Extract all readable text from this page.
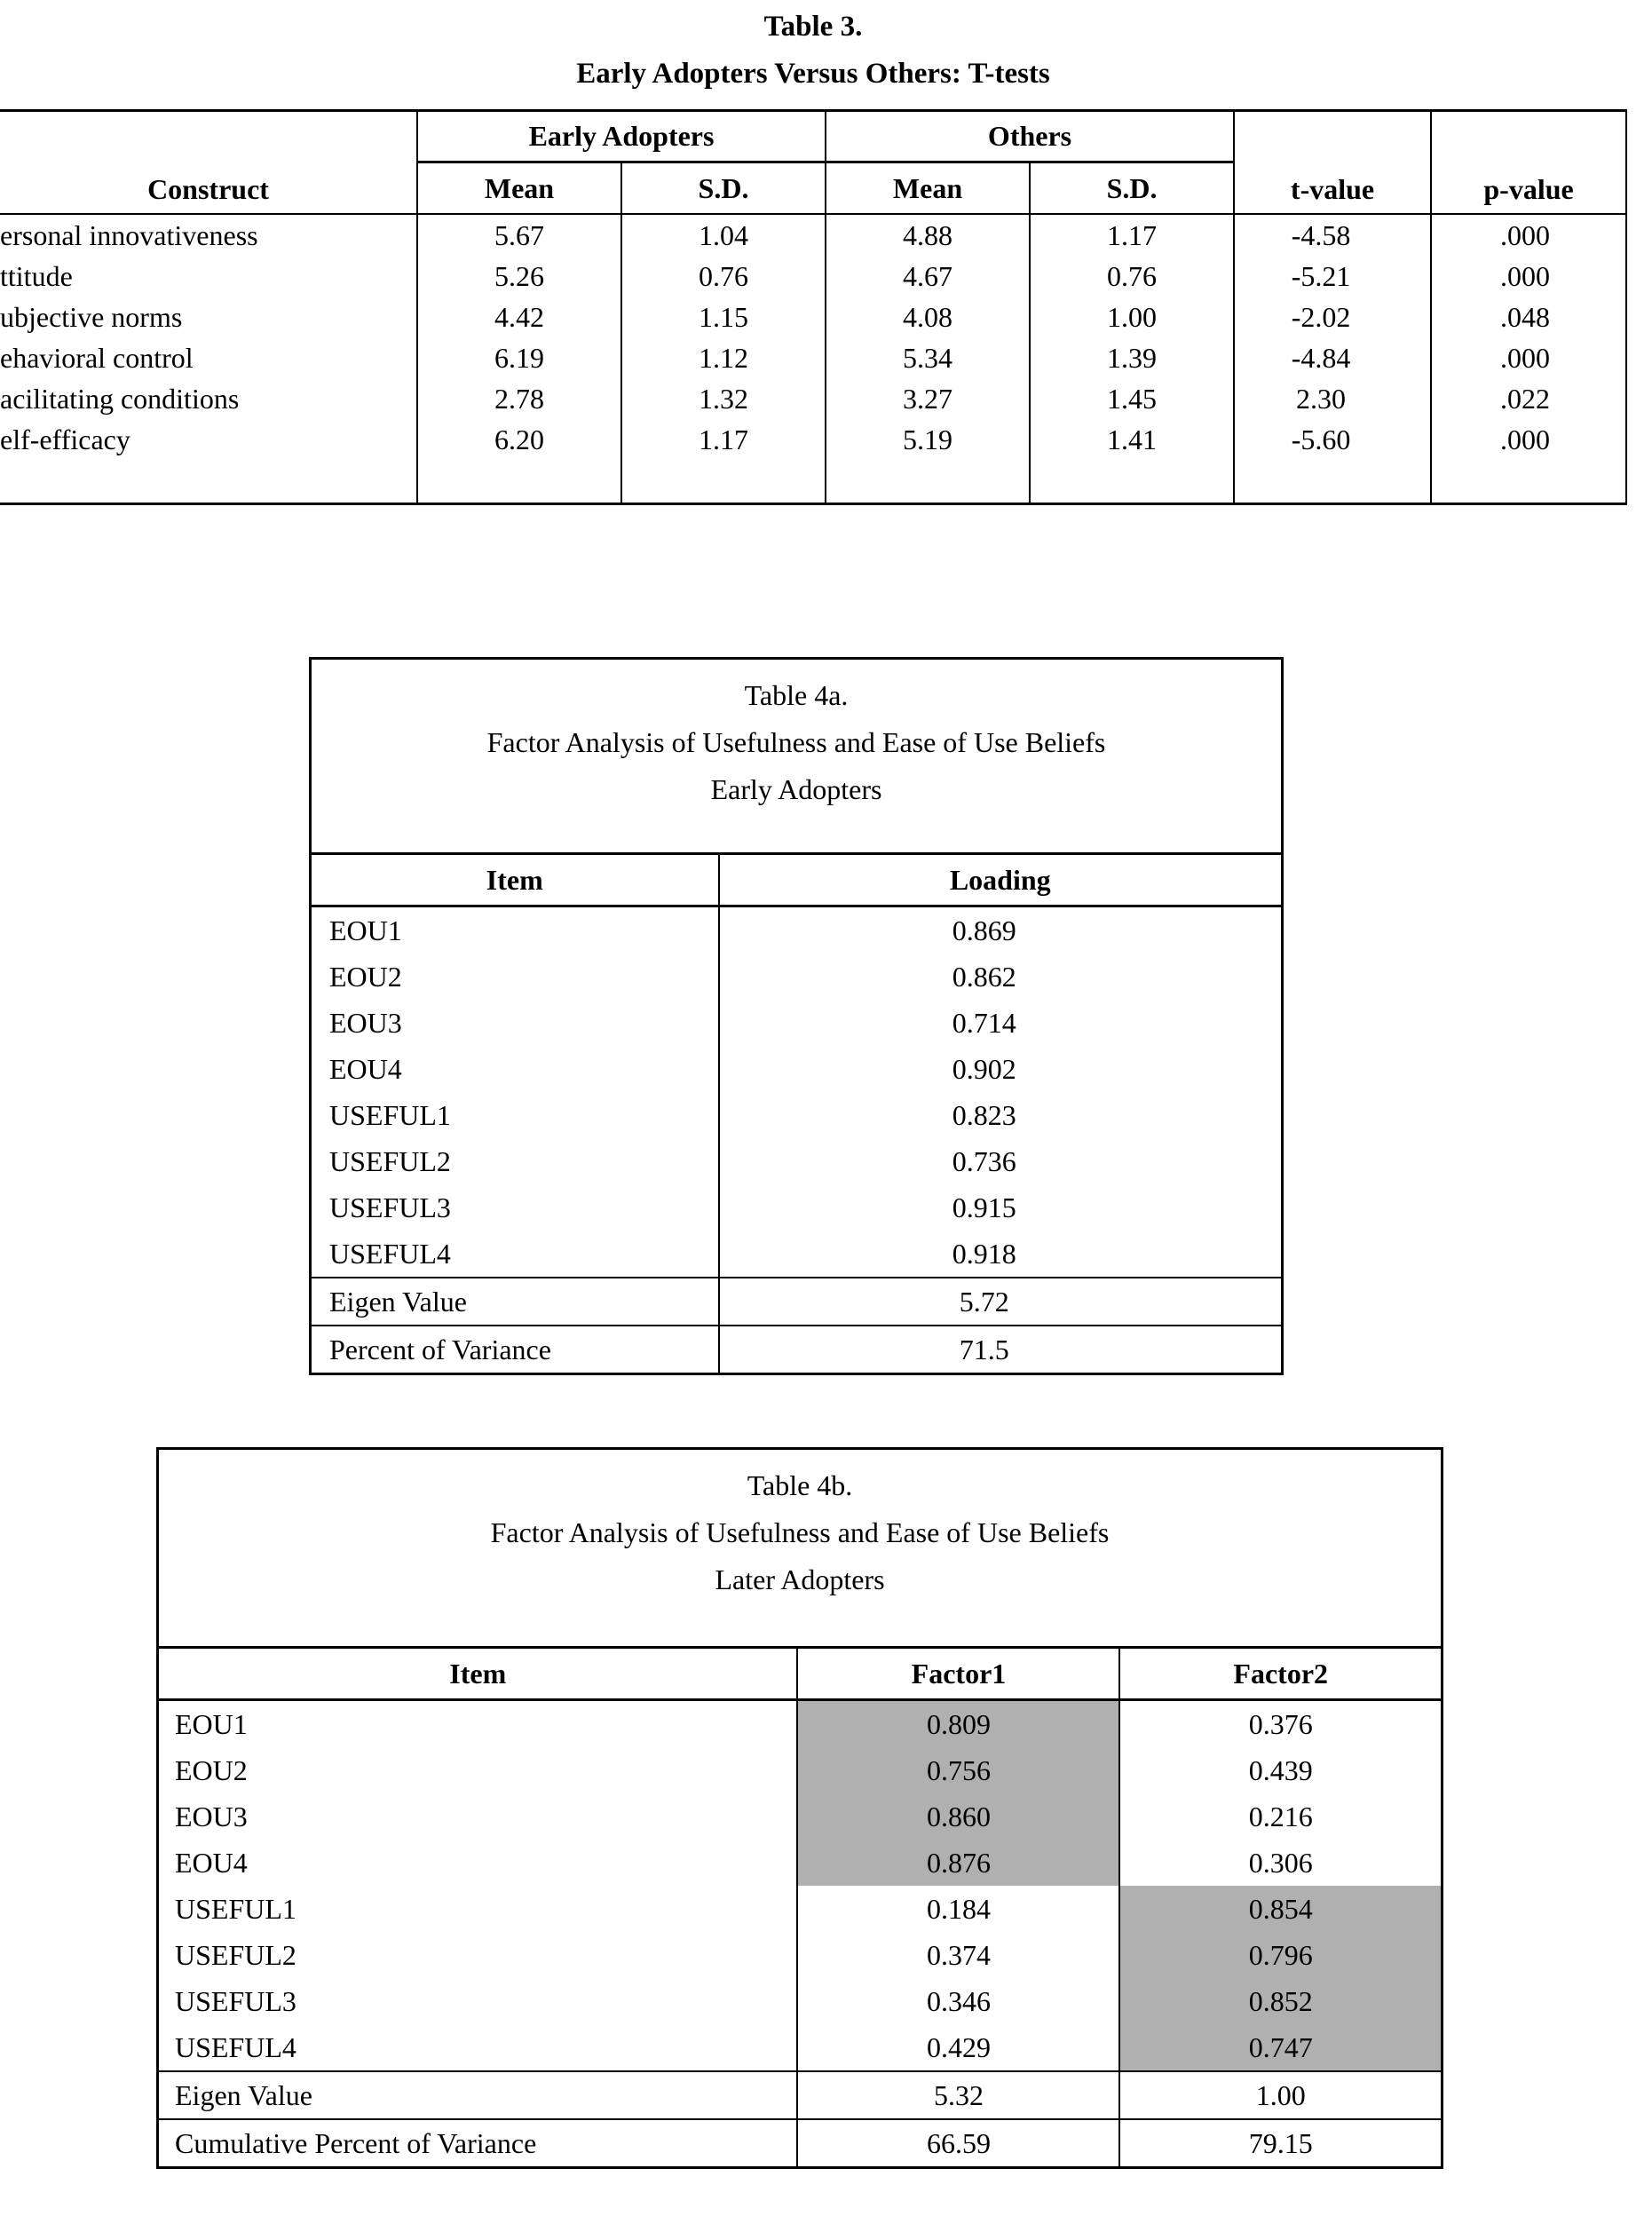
Table 3.
Early Adopters Versus Others: T-tests
Construct	Early Adopters		Others		t-value	p-value
	Mean	S.D.	Mean	S.D.		
ersonal innovativeness	5.67	1.04	4.88	1.17	-4.58	.000
ttitude	5.26	0.76	4.67	0.76	-5.21	.000
ubjective norms	4.42	1.15	4.08	1.00	-2.02	.048
ehavioral control	6.19	1.12	5.34	1.39	-4.84	.000
acilitating conditions	2.78	1.32	3.27	1.45	2.30	.022
elf-efficacy	6.20	1.17	5.19	1.41	-5.60	.000

Table 4a.
Factor Analysis of Usefulness and Ease of Use Beliefs
Early Adopters	

Item	Loading
EOU1	0.869
EOU2	0.862
EOU3	0.714
EOU4	0.902
USEFUL1	0.823
USEFUL2	0.736
USEFUL3	0.915
USEFUL4	0.918
Eigen Value	5.72
Percent of Variance	71.5
Table 4b.
Factor Analysis of Usefulness and Ease of Use Beliefs
Later Adopters		

Item	Factor1	Factor2
EOU1	0.809	0.376
EOU2	0.756	0.439
EOU3	0.860	0.216
EOU4	0.876	0.306
USEFUL1	0.184	0.854
USEFUL2	0.374	0.796
USEFUL3	0.346	0.852
USEFUL4	0.429	0.747
Eigen Value	5.32	1.00
Cumulative Percent of Variance	66.59	79.15
